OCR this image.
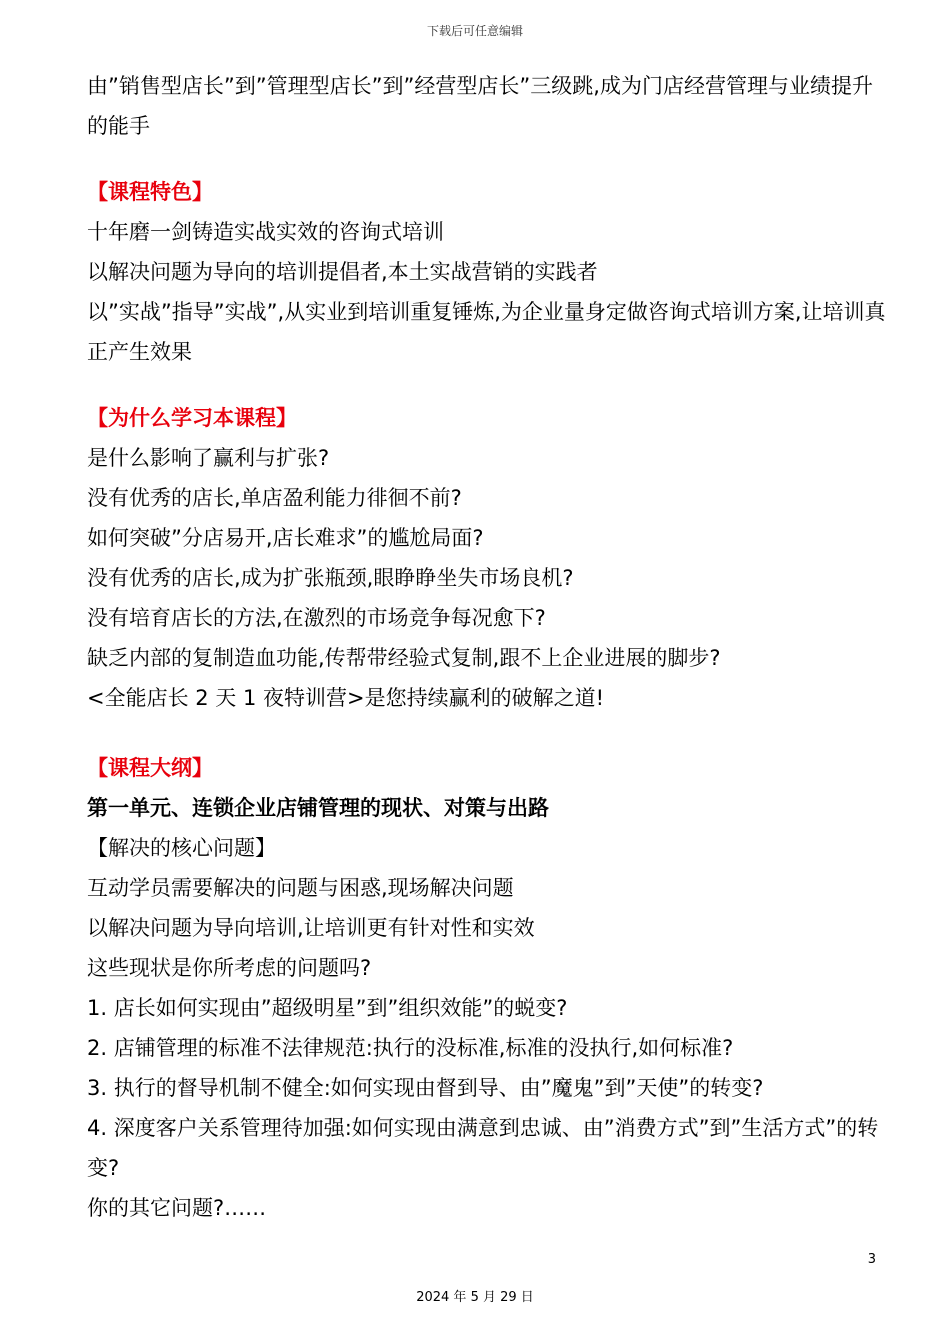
下载后可任意编辑
由”销售型店长”到”管理型店长”到”经营型店长”三级跳,成为门店经营管理与业绩提升的能手
【课程特色】
十年磨一剑铸造实战实效的咨询式培训
以解决问题为导向的培训提倡者,本土实战营销的实践者
以”实战”指导”实战”,从实业到培训重复锤炼,为企业量身定做咨询式培训方案,让培训真正产生效果
【为什么学习本课程】
是什么影响了赢利与扩张?
没有优秀的店长,单店盈利能力徘徊不前?
如何突破”分店易开,店长难求”的尴尬局面?
没有优秀的店长,成为扩张瓶颈,眼睁睁坐失市场良机?
没有培育店长的方法,在激烈的市场竞争每况愈下?
缺乏内部的复制造血功能,传帮带经验式复制,跟不上企业进展的脚步?
<全能店长 2 天 1 夜特训营>是您持续赢利的破解之道!
【课程大纲】
第一单元、连锁企业店铺管理的现状、对策与出路
【解决的核心问题】
互动学员需要解决的问题与困惑,现场解决问题
以解决问题为导向培训,让培训更有针对性和实效
这些现状是你所考虑的问题吗?
1. 店长如何实现由”超级明星”到”组织效能”的蜕变?
2. 店铺管理的标准不法律规范:执行的没标准,标准的没执行,如何标准?
3. 执行的督导机制不健全:如何实现由督到导、由”魔鬼”到”天使”的转变?
4. 深度客户关系管理待加强:如何实现由满意到忠诚、由”消费方式”到”生活方式”的转变?
你的其它问题?……
3
2024 年 5 月 29 日
